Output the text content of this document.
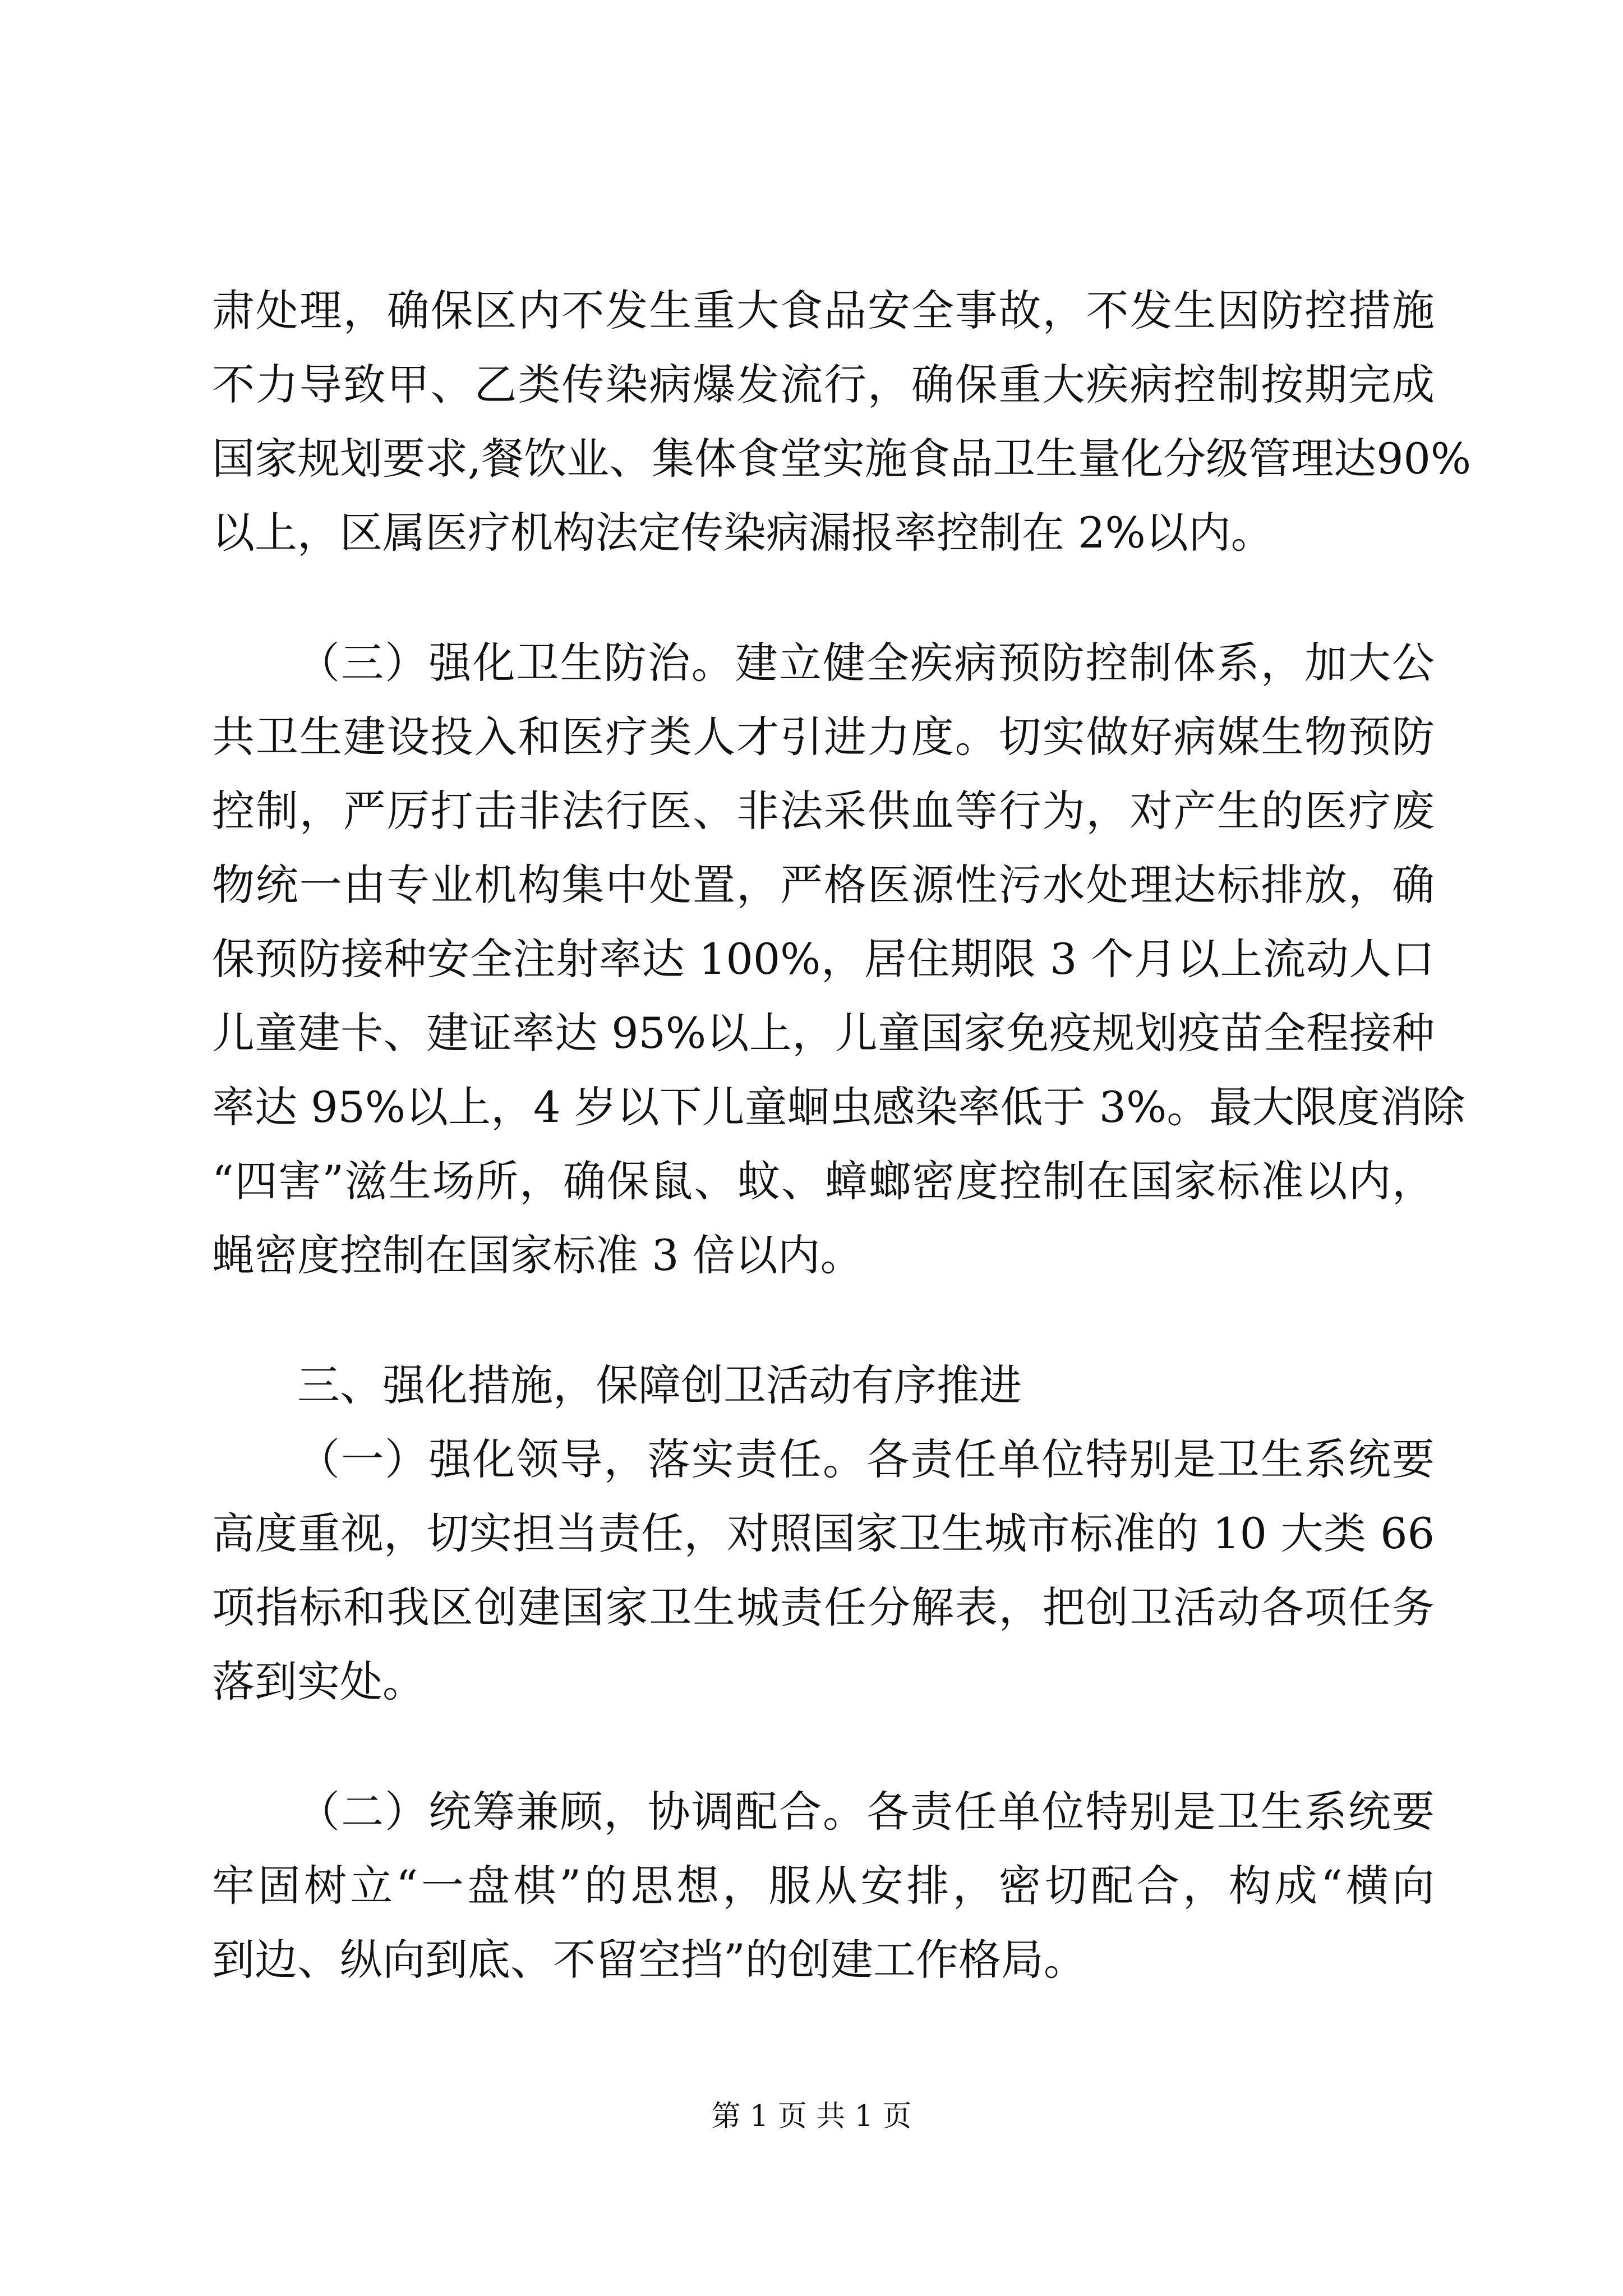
肃处理，确保区内不发生重大食品安全事故，不发生因防控措施
不力导致甲、乙类传染病爆发流行，确保重大疾病控制按期完成
国家规划要求,餐饮业、集体食堂实施食品卫生量化分级管理达90%
以上，区属医疗机构法定传染病漏报率控制在 2%以内。
（三）强化卫生防治。建立健全疾病预防控制体系，加大公
共卫生建设投入和医疗类人才引进力度。切实做好病媒生物预防
控制，严厉打击非法行医、非法采供血等行为，对产生的医疗废
物统一由专业机构集中处置，严格医源性污水处理达标排放，确
保预防接种安全注射率达 100%，居住期限 3 个月以上流动人口
儿童建卡、建证率达 95%以上，儿童国家免疫规划疫苗全程接种
率达 95%以上，4 岁以下儿童蛔虫感染率低于 3%。最大限度消除
“四害”滋生场所，确保鼠、蚊、蟑螂密度控制在国家标准以内，
蝇密度控制在国家标准 3 倍以内。
三、强化措施，保障创卫活动有序推进
（一）强化领导，落实责任。各责任单位特别是卫生系统要
高度重视，切实担当责任，对照国家卫生城市标准的 10 大类 66
项指标和我区创建国家卫生城责任分解表，把创卫活动各项任务
落到实处。
（二）统筹兼顾，协调配合。各责任单位特别是卫生系统要
牢固树立“一盘棋”的思想，服从安排，密切配合，构成“横向
到边、纵向到底、不留空挡”的创建工作格局。
第 1 页 共 1 页
